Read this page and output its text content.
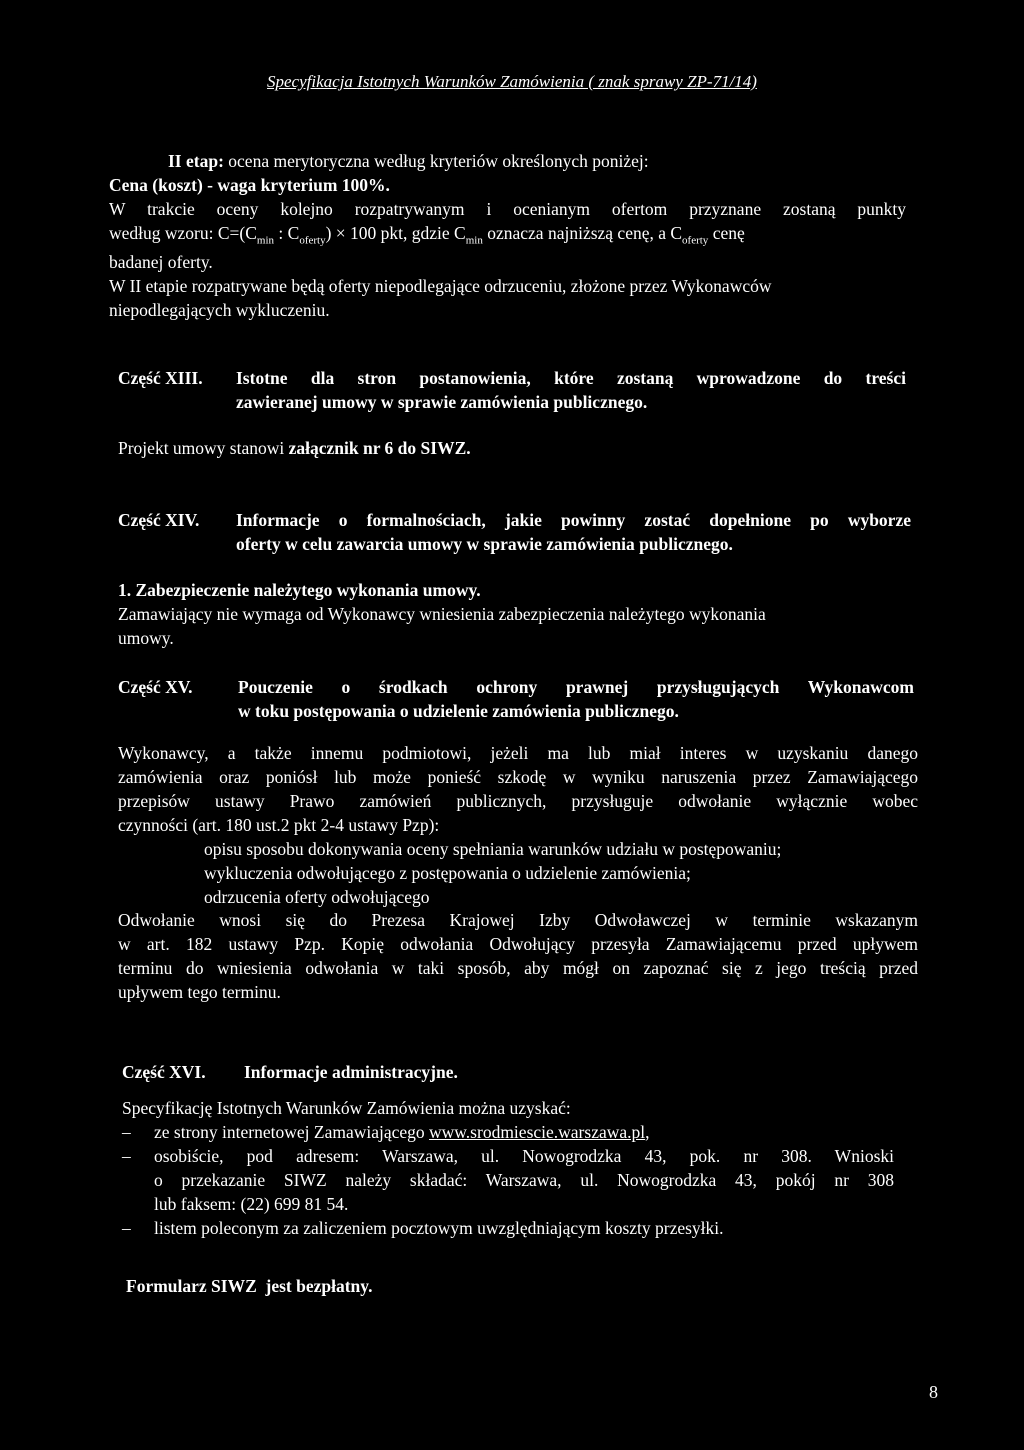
Specyfikacja Istotnych Warunków Zamówienia ( znak sprawy ZP-71/14)
II etap: ocena merytoryczna według kryteriów określonych poniżej:
Cena (koszt) - waga kryterium 100%.
W trakcie oceny kolejno rozpatrywanym i ocenianym ofertom przyznane zostaną punkty
według wzoru: $C=(C_{min}$ : $C_{oferty}) \times 100$ pkt, gdzie $C_{min}$ oznacza najniższą cenę, a $C_{oferty}$ cenę
badanej oferty.
W II etapie rozpatrywane będą oferty niepodlegające odrzuceniu, złożone przez Wykonawców
niepodlegających wykluczeniu.
Część XIII. Istotne dla stron postanowienia, które zostaną wprowadzone do treści
zawieranej umowy w sprawie zamówienia publicznego.
Projekt umowy stanowi załącznik nr 6 do SIWZ.
Część XIV. Informacje o formalnościach, jakie powinny zostać dopełnione po wyborze
oferty w celu zawarcia umowy w sprawie zamówienia publicznego.
1. Zabezpieczenie należytego wykonania umowy.
Zamawiający nie wymaga od Wykonawcy wniesienia zabezpieczenia należytego wykonania
umowy.
Część XV.	Pouczenie o środkach ochrony prawnej przysługujących Wykonawcom
w toku postępowania o udzielenie zamówienia publicznego.
Wykonawcy, a także innemu podmiotowi, jeżeli ma lub miał interes w uzyskaniu danego
zamówienia oraz poniósł lub może ponieść szkodę w wyniku naruszenia przez Zamawiającego
przepisów ustawy Prawo zamówień publicznych, przysługuje odwołanie wyłącznie wobec
czynności (art. 180 ust.2 pkt 2-4 ustawy Pzp):
opisu sposobu dokonywania oceny spełniania warunków udziału w postępowaniu;
wykluczenia odwołującego z postępowania o udzielenie zamówienia;
odrzucenia oferty odwołującego
Odwołanie wnosi się do Prezesa Krajowej Izby Odwoławczej w terminie wskazanym
w art. 182 ustawy Pzp. Kopię odwołania Odwołujący przesyła Zamawiającemu przed upływem
terminu do wniesienia odwołania w taki sposób, aby mógł on zapoznać się z jego treścią przed
upływem tego terminu.
Część XVI. Informacje administracyjne.
Specyfikację Istotnych Warunków Zamówienia można uzyskać:
– ze strony internetowej Zamawiającego www.srodmiescie.warszawa.pl,
– osobiście, pod adresem: Warszawa, ul. Nowogrodzka 43, pok. nr 308. Wnioski
o przekazanie SIWZ należy składać: Warszawa, ul. Nowogrodzka 43, pokój nr 308
lub faksem: (22) 699 81 54.
– listem poleconym za zaliczeniem pocztowym uwzględniającym koszty przesyłki.
Formularz SIWZ  jest bezpłatny.
8
